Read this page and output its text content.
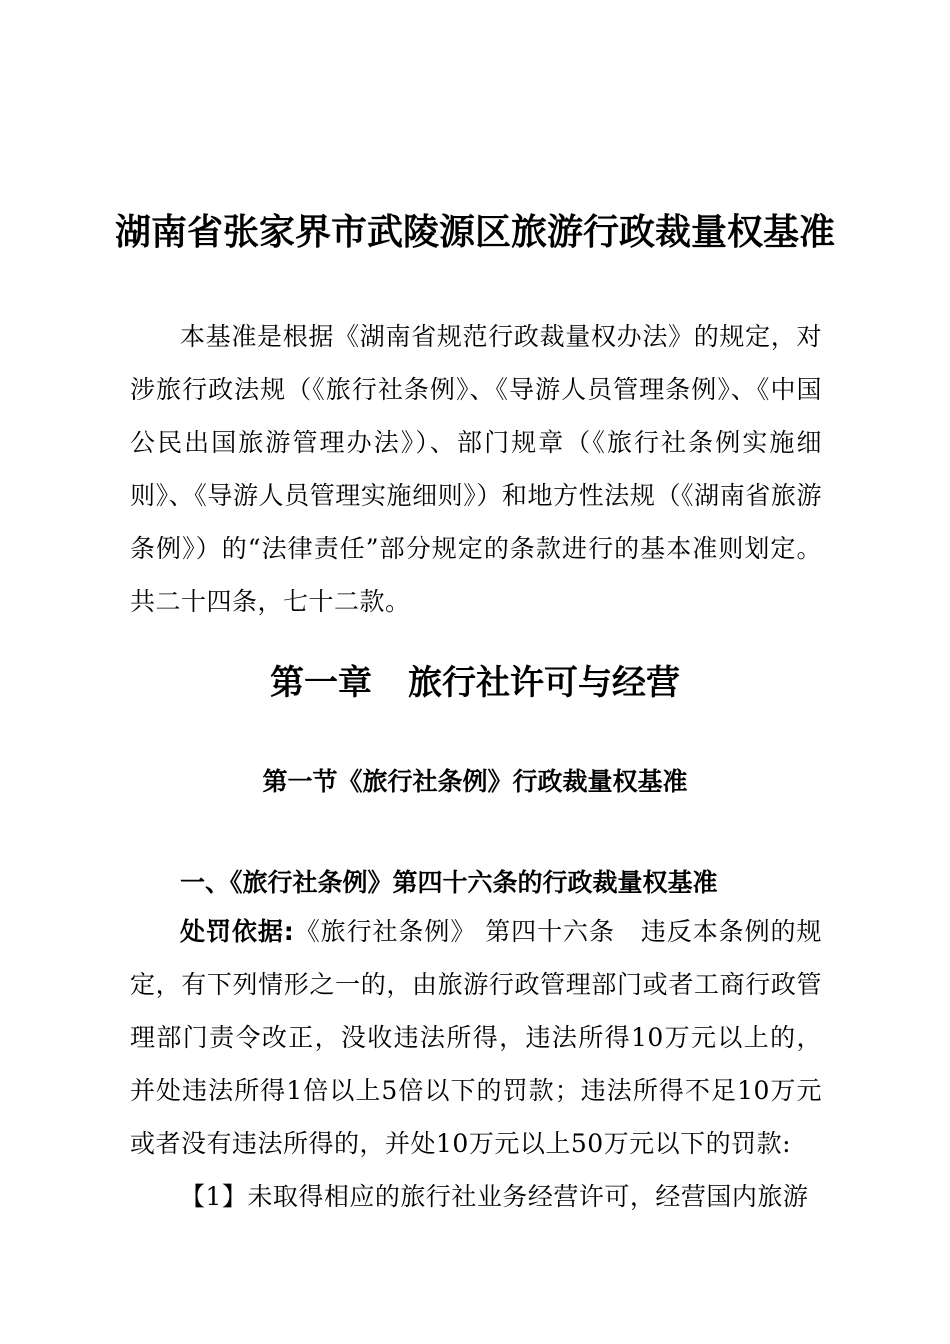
湖南省张家界市武陵源区旅游行政裁量权基准

本基准是根据《湖南省规范行政裁量权办法》的规定，对涉旅行政法规（《旅行社条例》、《导游人员管理条例》、《中国公民出国旅游管理办法》）、部门规章（《旅行社条例实施细则》、《导游人员管理实施细则》）和地方性法规（《湖南省旅游条例》）的“法律责任”部分规定的条款进行的基本准则划定。共二十四条，七十二款。

第一章 旅行社许可与经营
第一节《旅行社条例》行政裁量权基准
一、《旅行社条例》第四十六条的行政裁量权基准

处罚依据:《旅行社条例》 第四十六条　违反本条例的规定，有下列情形之一的，由旅游行政管理部门或者工商行政管理部门责令改正，没收违法所得，违法所得10万元以上的，并处违法所得1倍以上5倍以下的罚款；违法所得不足10万元或者没有违法所得的，并处10万元以上50万元以下的罚款:

【1】未取得相应的旅行社业务经营许可，经营国内旅游
